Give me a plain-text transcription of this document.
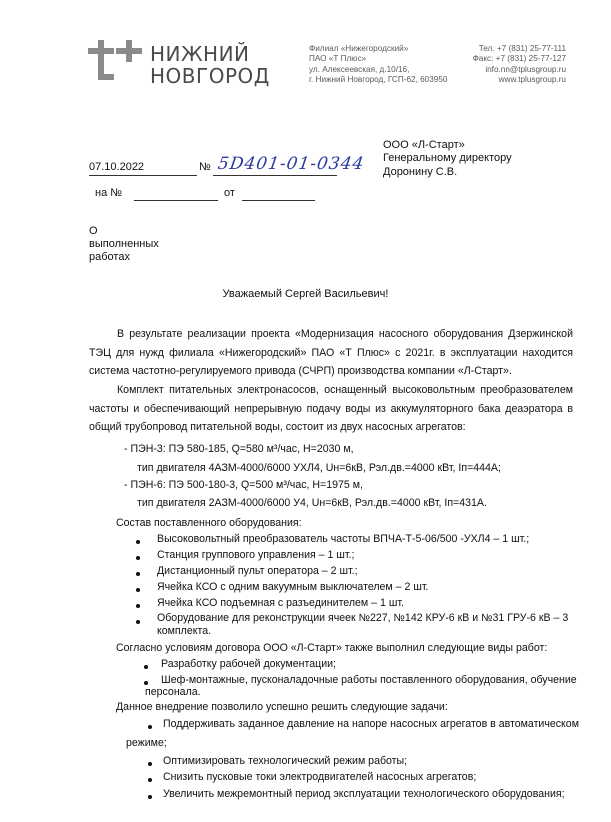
НИЖНИЙ
НОВГОРОД
Филиал «Нижегородский»
ПАО «Т Плюс»
ул. Алексеевская, д.10/16,
г. Нижний Новгород, ГСП-62, 603950
Тел. +7 (831) 25-77-111
Факс: +7 (831) 25-77-127
info.nn@tplusgroup.ru
www.tplusgroup.ru
ООО «Л-Старт»
Генеральному директору
Доронину С.В.
07.10.2022	№ 5D401-01-0344
на №	от
О
выполненных
работах
Уважаемый Сергей Васильевич!

В результате реализации проекта «Модернизация насосного оборудования Дзержинской ТЭЦ для нужд филиала «Нижегородский» ПАО «Т Плюс» с 2021г. в эксплуатации находится система частотно-регулируемого привода (СЧРП) производства компании «Л-Старт».

Комплект питательных электронасосов, оснащенный высоковольтным преобразователем частоты и обеспечивающий непрерывную подачу воды из аккумуляторного бака деаэратора в общий трубопровод питательной воды, состоит из двух насосных агрегатов:

- ПЭН-3: ПЭ 580-185, Q=580 м³/час, Н=2030 м,
тип двигателя 4АЗМ-4000/6000 УХЛ4, Uн=6кВ, Рэл.дв.=4000 кВт, Iп=444А;
- ПЭН-6: ПЭ 500-180-3, Q=500 м³/час, Н=1975 м,
тип двигателя 2АЗМ-4000/6000 У4, Uн=6кВ, Рэл.дв.=4000 кВт, Iп=431А.
Состав поставленного оборудования:
Высоковольтный преобразователь частоты ВПЧА-Т-5-06/500 -УХЛ4 – 1 шт.;
Станция группового управления – 1 шт.;
Дистанционный пульт оператора – 2 шт.;
Ячейка КСО с одним вакуумным выключателем – 2 шт.
Ячейка КСО подъемная с разъединителем – 1 шт.
Оборудование для реконструкции ячеек №227, №142 КРУ-6 кВ и №31 ГРУ-6 кВ – 3
комплекта.
Согласно условиям договора ООО «Л-Старт» также выполнил следующие виды работ:
Разработку рабочей документации;
Шеф-монтажные, пусконаладочные работы поставленного оборудования, обучение
персонала.
Данное внедрение позволило успешно решить следующие задачи:
Поддерживать заданное давление на напоре насосных агрегатов в автоматическом
режиме;
Оптимизировать технологический режим работы;
Снизить пусковые токи электродвигателей насосных агрегатов;
Увеличить межремонтный период эксплуатации технологического оборудования;
